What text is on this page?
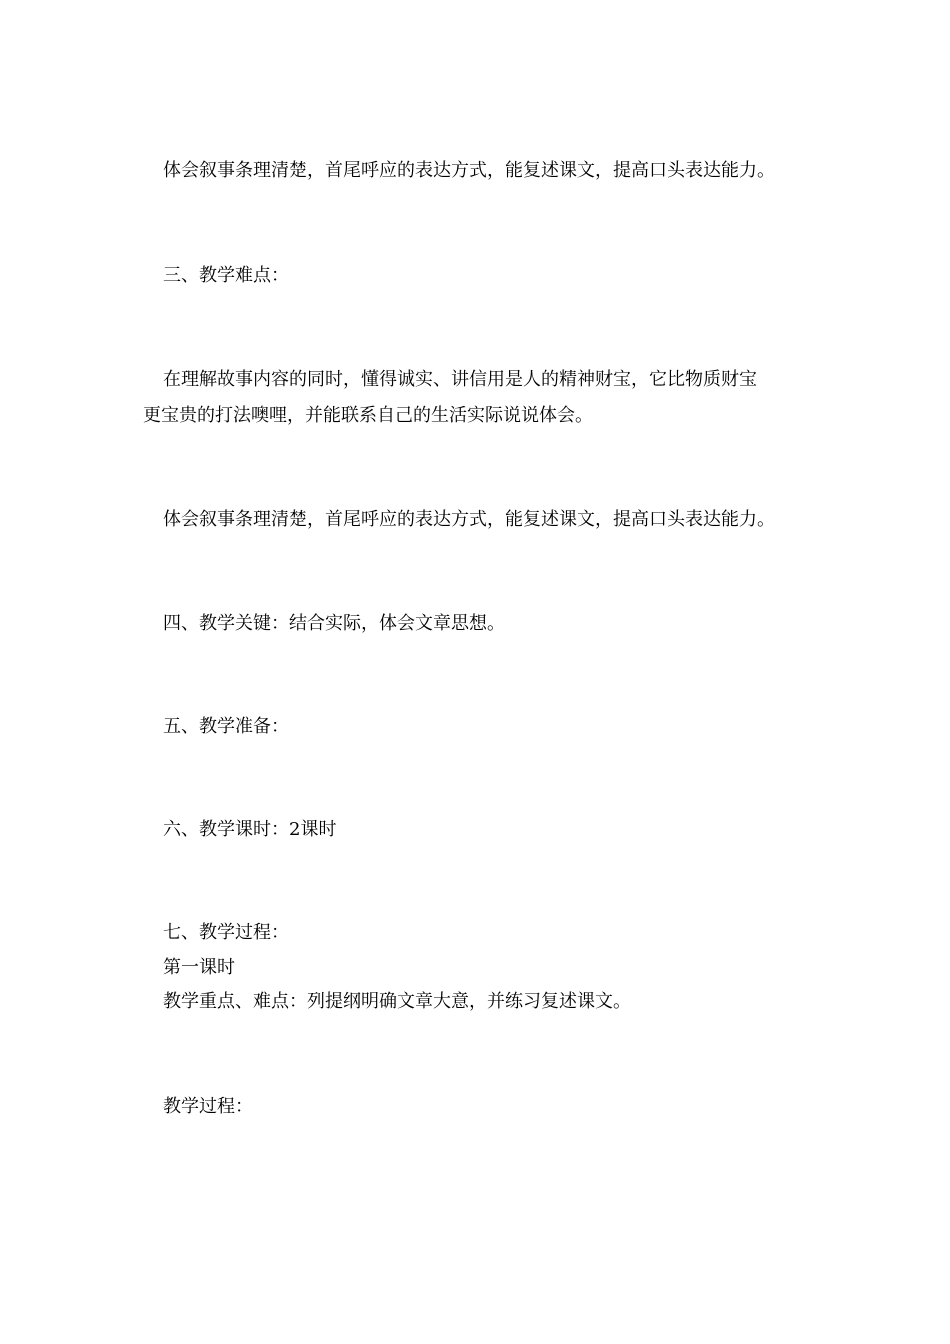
体会叙事条理清楚，首尾呼应的表达方式，能复述课文，提高口头表达能力。
三、教学难点：
在理解故事内容的同时，懂得诚实、讲信用是人的精神财宝，它比物质财宝
更宝贵的打法噢哩，并能联系自己的生活实际说说体会。
体会叙事条理清楚，首尾呼应的表达方式，能复述课文，提高口头表达能力。
四、教学关键：结合实际，体会文章思想。
五、教学准备：
六、教学课时：2课时
七、教学过程：
第一课时
教学重点、难点：列提纲明确文章大意，并练习复述课文。
教学过程：
